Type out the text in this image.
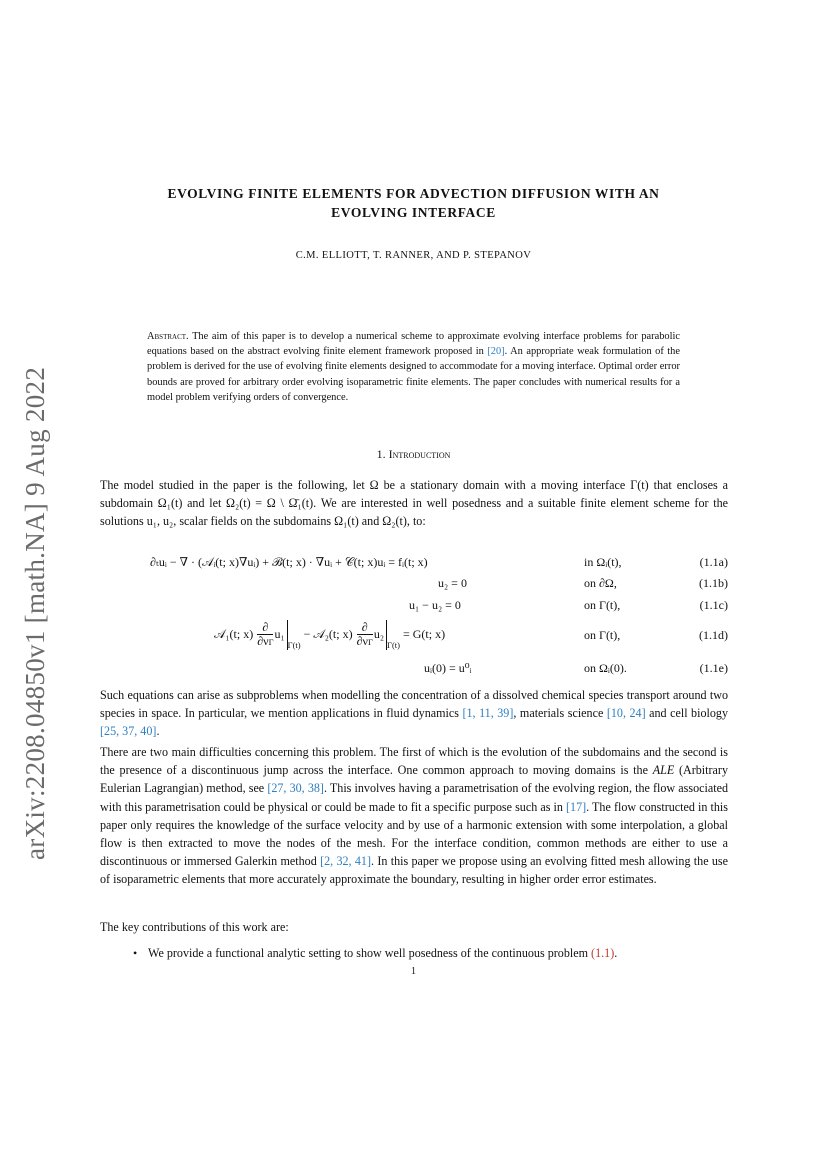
arXiv:2208.04850v1 [math.NA] 9 Aug 2022
EVOLVING FINITE ELEMENTS FOR ADVECTION DIFFUSION WITH AN
EVOLVING INTERFACE
C.M. ELLIOTT, T. RANNER, AND P. STEPANOV
Abstract. The aim of this paper is to develop a numerical scheme to approximate evolving interface problems for parabolic equations based on the abstract evolving finite element framework proposed in [20]. An appropriate weak formulation of the problem is derived for the use of evolving finite elements designed to accommodate for a moving interface. Optimal order error bounds are proved for arbitrary order evolving isoparametric finite elements. The paper concludes with numerical results for a model problem verifying orders of convergence.
1. Introduction

The model studied in the paper is the following, let Ω be a stationary domain with a moving interface Γ(t) that encloses a subdomain Ω₁(t) and let Ω₂(t) = Ω \ Ω̄₁(t). We are interested in well posedness and a suitable finite element scheme for the solutions u₁, u₂, scalar fields on the subdomains Ω₁(t) and Ω₂(t), to:

∂ₜuᵢ − ∇ · (𝒜ᵢ(t; x)∇uᵢ) + ℬ(t; x) · ∇uᵢ + 𝒞(t; x)uᵢ = fᵢ(t; x)	in Ωᵢ(t),	(1.1a)
u₂ = 0	on ∂Ω,	(1.1b)
u₁ − u₂ = 0	on Γ(t),	(1.1c)
𝒜₁(t; $x) \frac{\partial}{\partial\nu\Gamma} u_1_{\Gamma(t)}$ − 𝒜₂(t; $x) \frac{\partial}{\partial\nu\Gamma} u_2_{\Gamma(t)} = G(t$; x)	on Γ(t),	(1.1d)
uᵢ(0) = u⁰ᵢ	on Ωᵢ(0).	(1.1e)

Such equations can arise as subproblems when modelling the concentration of a dissolved chemical species transport around two species in space. In particular, we mention applications in fluid dynamics [1, 11, 39], materials science [10, 24] and cell biology [25, 37, 40].

There are two main difficulties concerning this problem. The first of which is the evolution of the subdomains and the second is the presence of a discontinuous jump across the interface. One common approach to moving domains is the ALE (Arbitrary Eulerian Lagrangian) method, see [27, 30, 38]. This involves having a parametrisation of the evolving region, the flow associated with this parametrisation could be physical or could be made to fit a specific purpose such as in [17]. The flow constructed in this paper only requires the knowledge of the surface velocity and by use of a harmonic extension with some interpolation, a global flow is then extracted to move the nodes of the mesh. For the interface condition, common methods are either to use a discontinuous or immersed Galerkin method [2, 32, 41]. In this paper we propose using an evolving fitted mesh allowing the use of isoparametric elements that more accurately approximate the boundary, resulting in higher order error estimates.

The key contributions of this work are:

• We provide a functional analytic setting to show well posedness of the continuous problem (1.1).
1
